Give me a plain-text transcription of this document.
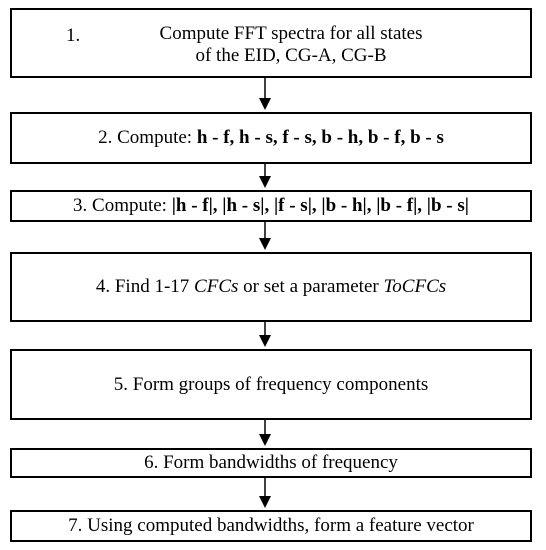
1.	Compute FFT spectra for all states
of the EID, CG-A, CG-B
2. Compute: h - f, h - s, f - s, b - h, b - f, b - s
3. Compute: |h - f|, |h - s|, |f - s|, |b - h|, |b - f|, |b - s|
4. Find 1-17 CFCs or set a parameter ToCFCs
5. Form groups of frequency components
6. Form bandwidths of frequency
7. Using computed bandwidths, form a feature vector
